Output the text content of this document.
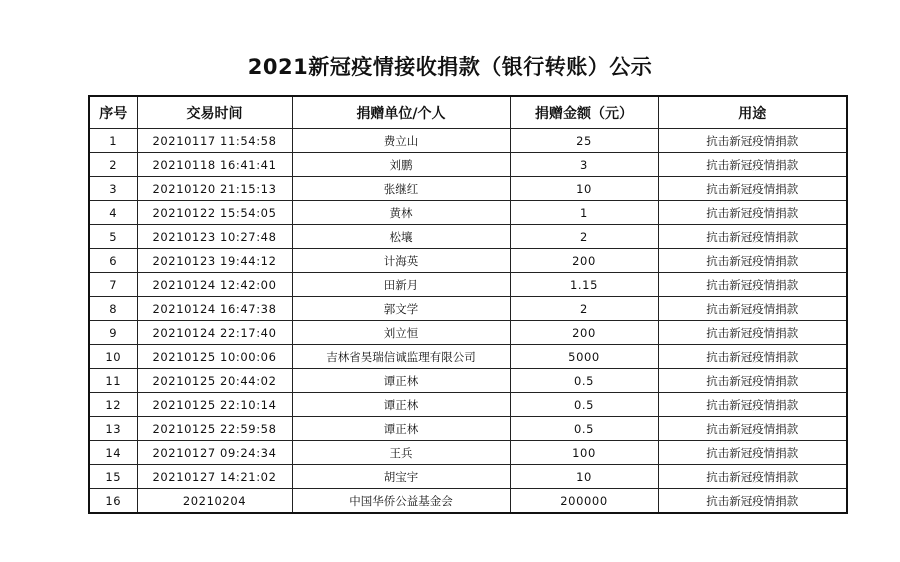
2021新冠疫情接收捐款（银行转账）公示
序号	交易时间	捐赠单位/个人	捐赠金额（元）	用途
1	20210117 11:54:58	费立山	25	抗击新冠疫情捐款
2	20210118 16:41:41	刘鹏	3	抗击新冠疫情捐款
3	20210120 21:15:13	张继红	10	抗击新冠疫情捐款
4	20210122 15:54:05	黄林	1	抗击新冠疫情捐款
5	20210123 10:27:48	松壤	2	抗击新冠疫情捐款
6	20210123 19:44:12	计海英	200	抗击新冠疫情捐款
7	20210124 12:42:00	田新月	1.15	抗击新冠疫情捐款
8	20210124 16:47:38	郭文学	2	抗击新冠疫情捐款
9	20210124 22:17:40	刘立恒	200	抗击新冠疫情捐款
10	20210125 10:00:06	吉林省昊瑞信诚监理有限公司	5000	抗击新冠疫情捐款
11	20210125 20:44:02	谭正林	0.5	抗击新冠疫情捐款
12	20210125 22:10:14	谭正林	0.5	抗击新冠疫情捐款
13	20210125 22:59:58	谭正林	0.5	抗击新冠疫情捐款
14	20210127 09:24:34	王兵	100	抗击新冠疫情捐款
15	20210127 14:21:02	胡宝宇	10	抗击新冠疫情捐款
16	20210204	中国华侨公益基金会	200000	抗击新冠疫情捐款
